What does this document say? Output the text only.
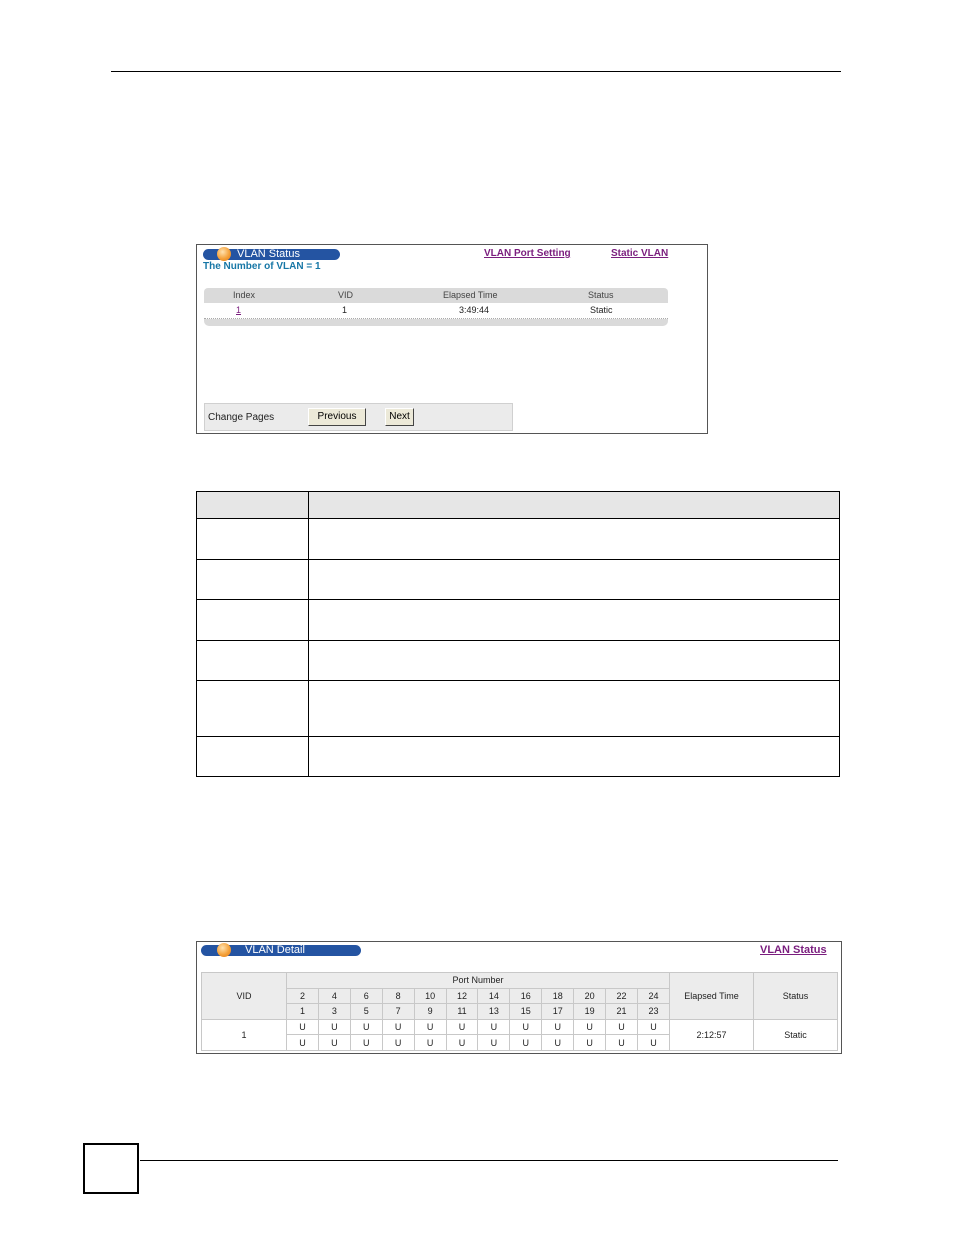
VLAN Status
The Number of VLAN = 1
VLAN Port Setting	Static VLAN
Index	VID	Elapsed Time	Status
1	1	3:49:44	Static
Change Pages	Previous	Next

VLAN Detail	VLAN Status
VID	Port Number												Elapsed Time	Status
	2	4	6	8	10	12	14	16	18	20	22	24		
	1	3	5	7	9	11	13	15	17	19	21	23		
1	U	U	U	U	U	U	U	U	U	U	U	U	2:12:57	Static
	U	U	U	U	U	U	U	U	U	U	U	U		
